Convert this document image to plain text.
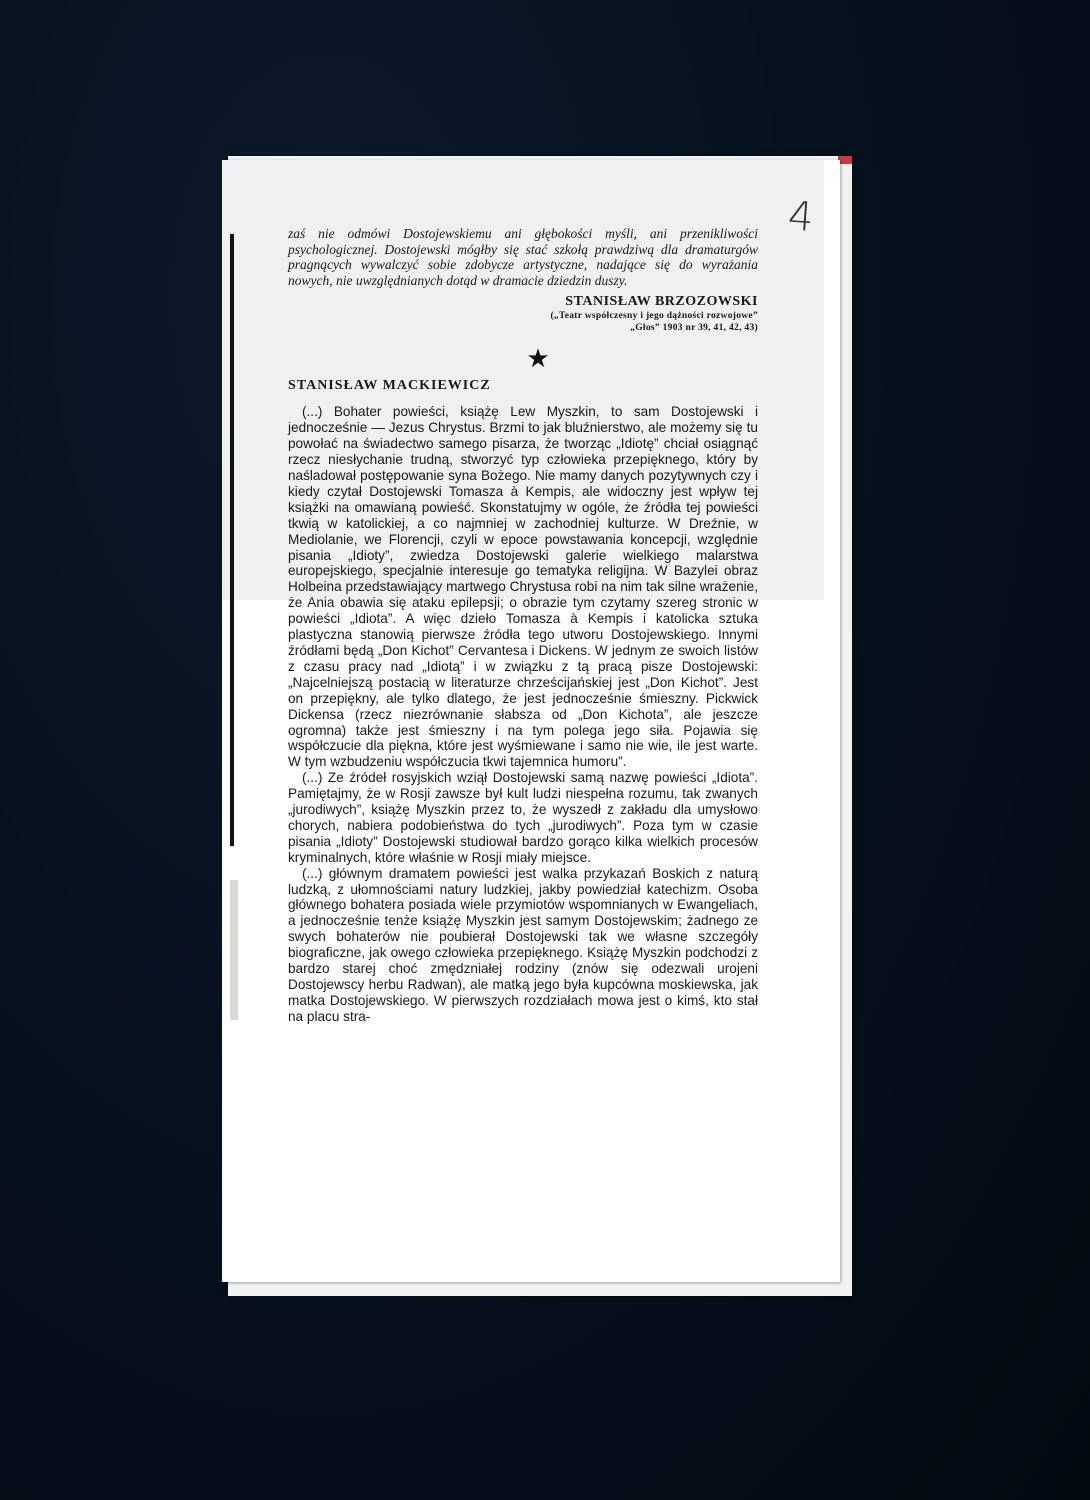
4

zaś nie odmówi Dostojewskiemu ani głębokości myśli, ani przenikliwości psychologicznej. Dostojewski mógłby się stać szkołą prawdziwą dla dramaturgów pragnących wywalczyć sobie zdobycze artystyczne, nadające się do wyrażania nowych, nie uwzględnianych dotąd w dramacie dziedzin duszy.

STANISŁAW BRZOZOWSKI
(„Teatr współczesny i jego dążności rozwojowe”
„Głos” 1903 nr 39, 41, 42, 43)
★
STANISŁAW MACKIEWICZ

(...) Bohater powieści, książę Lew Myszkin, to sam Dostojewski i jednocześnie — Jezus Chrystus. Brzmi to jak bluźnierstwo, ale możemy się tu powołać na świadectwo samego pisarza, że tworząc „Idiotę” chciał osiągnąć rzecz niesłychanie trudną, stworzyć typ człowieka przepięknego, który by naśladował postępowanie syna Bożego. Nie mamy danych pozytywnych czy i kiedy czytał Dostojewski Tomasza à Kempis, ale widoczny jest wpływ tej książki na omawianą powieść. Skonstatujmy w ogóle, że źródła tej powieści tkwią w katolickiej, a co najmniej w zachodniej kulturze. W Dreźnie, w Mediolanie, we Florencji, czyli w epoce powstawania koncepcji, względnie pisania „Idioty”, zwiedza Dostojewski galerie wielkiego malarstwa europejskiego, specjalnie interesuje go tematyka religijna. W Bazylei obraz Holbeina przedstawiający martwego Chrystusa robi na nim tak silne wrażenie, że Ania obawia się ataku epilepsji; o obrazie tym czytamy szereg stronic w powieści „Idiota”. A więc dzieło Tomasza à Kempis i katolicka sztuka plastyczna stanowią pierwsze źródła tego utworu Dostojewskiego. Innymi źródłami będą „Don Kichot” Cervantesa i Dickens. W jednym ze swoich listów z czasu pracy nad „Idiotą” i w związku z tą pracą pisze Dostojewski: „Najcelniejszą postacią w literaturze chrześcijańskiej jest „Don Kichot”. Jest on przepiękny, ale tylko dlatego, że jest jednocześnie śmieszny. Pickwick Dickensa (rzecz niezrównanie słabsza od „Don Kichota”, ale jeszcze ogromna) także jest śmieszny i na tym polega jego siła. Pojawia się współczucie dla piękna, które jest wyśmiewane i samo nie wie, ile jest warte. W tym wzbudzeniu współczucia tkwi tajemnica humoru”.

(...) Ze źródeł rosyjskich wziął Dostojewski samą nazwę powieści „Idiota”. Pamiętajmy, że w Rosji zawsze był kult ludzi niespełna rozumu, tak zwanych „jurodiwych”, książę Myszkin przez to, że wyszedł z zakładu dla umysłowo chorych, nabiera podobieństwa do tych „jurodiwych”. Poza tym w czasie pisania „Idioty” Dostojewski studiował bardzo gorąco kilka wielkich procesów kryminalnych, które właśnie w Rosji miały miejsce.

(...) głównym dramatem powieści jest walka przykazań Boskich z naturą ludzką, z ułomnościami natury ludzkiej, jakby powiedział katechizm. Osoba głównego bohatera posiada wiele przymiotów wspomnianych w Ewangeliach, a jednocześnie tenże książę Myszkin jest samym Dostojewskim; żadnego ze swych bohaterów nie poubierał Dostojewski tak we własne szczegóły biograficzne, jak owego człowieka przepięknego. Książę Myszkin podchodzi z bardzo starej choć zmędzniałej rodziny (znów się odezwali urojeni Dostojewscy herbu Radwan), ale matką jego była kupcówna moskiewska, jak matka Dostojewskiego. W pierwszych rozdziałach mowa jest o kimś, kto stał na placu stra-
